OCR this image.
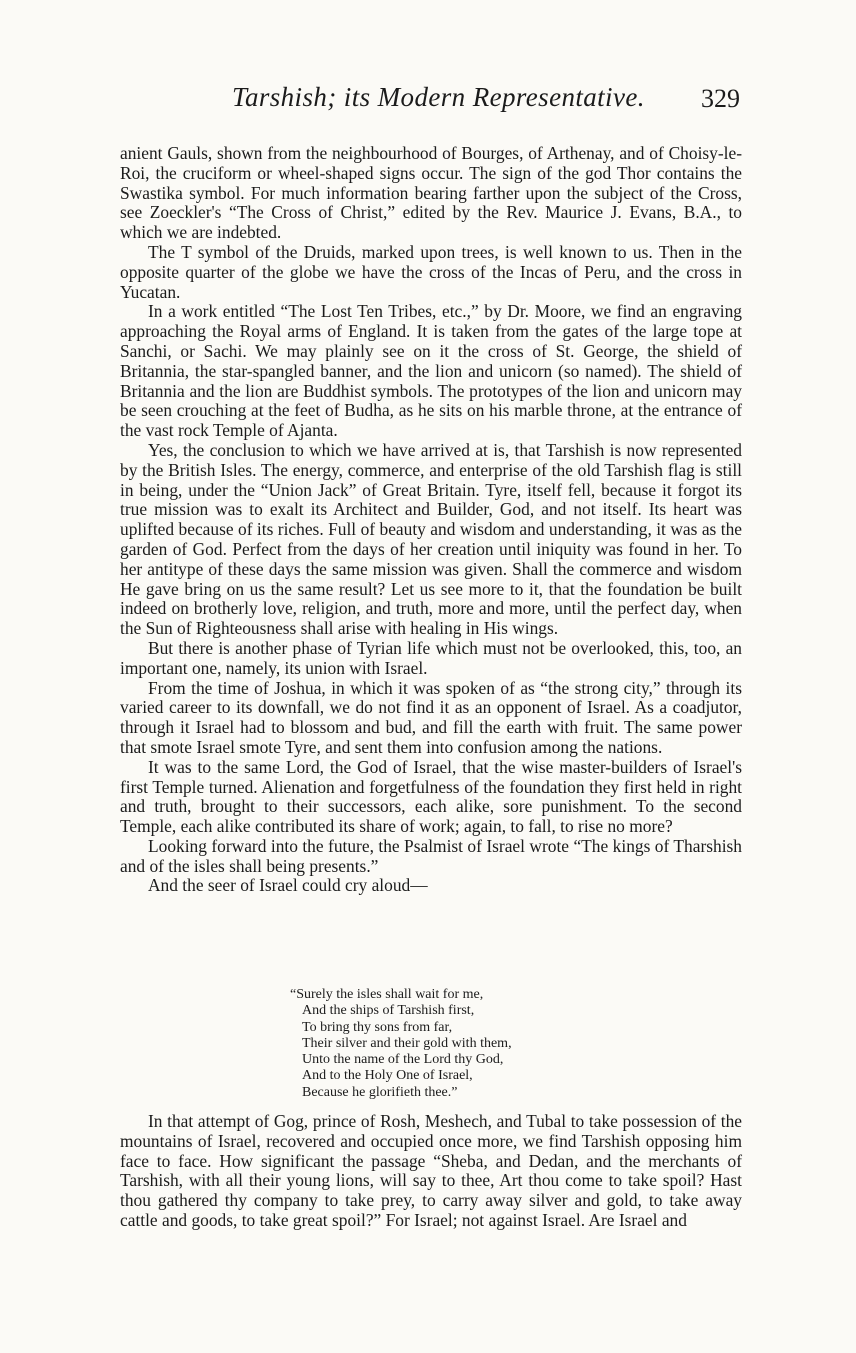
Tarshish; its Modern Representative. 329

anient Gauls, shown from the neighbourhood of Bourges, of Arthenay, and of Choisy-le-Roi, the cruciform or wheel-shaped signs occur. The sign of the god Thor contains the Swastika symbol. For much information bearing farther upon the subject of the Cross, see Zoeckler's “The Cross of Christ,” edited by the Rev. Maurice J. Evans, B.A., to which we are indebted.

The T symbol of the Druids, marked upon trees, is well known to us. Then in the opposite quarter of the globe we have the cross of the Incas of Peru, and the cross in Yucatan.

In a work entitled “The Lost Ten Tribes, etc.,” by Dr. Moore, we find an engraving approaching the Royal arms of England. It is taken from the gates of the large tope at Sanchi, or Sachi. We may plainly see on it the cross of St. George, the shield of Britannia, the star-spangled banner, and the lion and unicorn (so named). The shield of Britannia and the lion are Buddhist symbols. The prototypes of the lion and unicorn may be seen crouching at the feet of Budha, as he sits on his marble throne, at the entrance of the vast rock Temple of Ajanta.

Yes, the conclusion to which we have arrived at is, that Tarshish is now represented by the British Isles. The energy, commerce, and enterprise of the old Tarshish flag is still in being, under the “Union Jack” of Great Britain. Tyre, itself fell, because it forgot its true mission was to exalt its Architect and Builder, God, and not itself. Its heart was uplifted because of its riches. Full of beauty and wisdom and understanding, it was as the garden of God. Perfect from the days of her creation until iniquity was found in her. To her antitype of these days the same mission was given. Shall the commerce and wisdom He gave bring on us the same result? Let us see more to it, that the foundation be built indeed on brotherly love, religion, and truth, more and more, until the perfect day, when the Sun of Righteousness shall arise with healing in His wings.

But there is another phase of Tyrian life which must not be overlooked, this, too, an important one, namely, its union with Israel.

From the time of Joshua, in which it was spoken of as “the strong city,” through its varied career to its downfall, we do not find it as an opponent of Israel. As a coadjutor, through it Israel had to blossom and bud, and fill the earth with fruit. The same power that smote Israel smote Tyre, and sent them into confusion among the nations.

It was to the same Lord, the God of Israel, that the wise master-builders of Israel's first Temple turned. Alienation and forgetfulness of the foundation they first held in right and truth, brought to their successors, each alike, sore punishment. To the second Temple, each alike contributed its share of work; again, to fall, to rise no more?

Looking forward into the future, the Psalmist of Israel wrote “The kings of Tharshish and of the isles shall being presents.”

And the seer of Israel could cry aloud—

“Surely the isles shall wait for me,
And the ships of Tarshish first,
To bring thy sons from far,
Their silver and their gold with them,
Unto the name of the Lord thy God,
And to the Holy One of Israel,
Because he glorifieth thee.”

In that attempt of Gog, prince of Rosh, Meshech, and Tubal to take possession of the mountains of Israel, recovered and occupied once more, we find Tarshish opposing him face to face. How significant the passage “Sheba, and Dedan, and the merchants of Tarshish, with all their young lions, will say to thee, Art thou come to take spoil? Hast thou gathered thy company to take prey, to carry away silver and gold, to take away cattle and goods, to take great spoil?” For Israel; not against Israel. Are Israel and
